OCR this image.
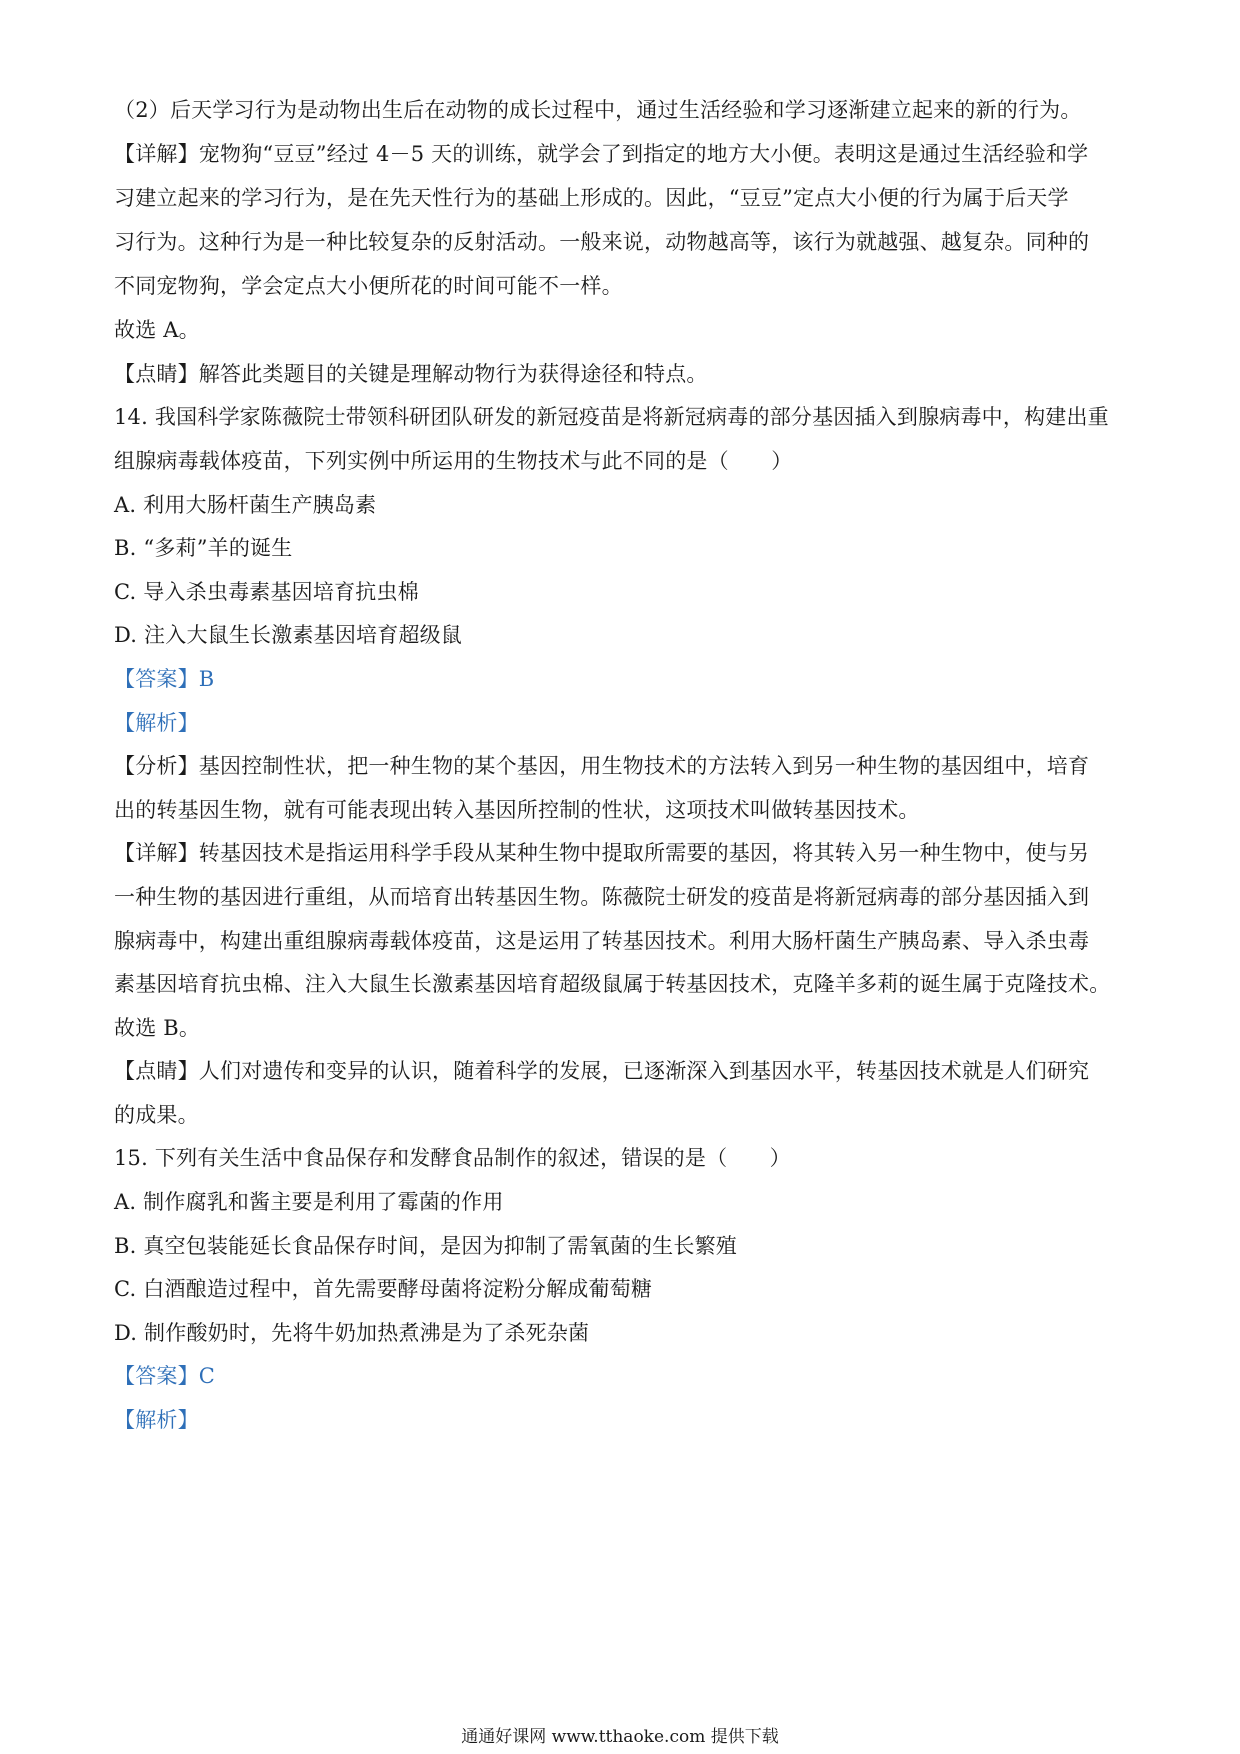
（2）后天学习行为是动物出生后在动物的成长过程中，通过生活经验和学习逐渐建立起来的新的行为。
【详解】宠物狗“豆豆”经过 4－5 天的训练，就学会了到指定的地方大小便。表明这是通过生活经验和学
习建立起来的学习行为，是在先天性行为的基础上形成的。因此，“豆豆”定点大小便的行为属于后天学
习行为。这种行为是一种比较复杂的反射活动。一般来说，动物越高等，该行为就越强、越复杂。同种的
不同宠物狗，学会定点大小便所花的时间可能不一样。
故选 A。
【点睛】解答此类题目的关键是理解动物行为获得途径和特点。
14. 我国科学家陈薇院士带领科研团队研发的新冠疫苗是将新冠病毒的部分基因插入到腺病毒中，构建出重
组腺病毒载体疫苗，下列实例中所运用的生物技术与此不同的是（　　）
A. 利用大肠杆菌生产胰岛素
B. “多莉”羊的诞生
C. 导入杀虫毒素基因培育抗虫棉
D. 注入大鼠生长激素基因培育超级鼠
【答案】B
【解析】
【分析】基因控制性状，把一种生物的某个基因，用生物技术的方法转入到另一种生物的基因组中，培育
出的转基因生物，就有可能表现出转入基因所控制的性状，这项技术叫做转基因技术。
【详解】转基因技术是指运用科学手段从某种生物中提取所需要的基因，将其转入另一种生物中，使与另
一种生物的基因进行重组，从而培育出转基因生物。陈薇院士研发的疫苗是将新冠病毒的部分基因插入到
腺病毒中，构建出重组腺病毒载体疫苗，这是运用了转基因技术。利用大肠杆菌生产胰岛素、导入杀虫毒
素基因培育抗虫棉、注入大鼠生长激素基因培育超级鼠属于转基因技术，克隆羊多莉的诞生属于克隆技术。
故选 B。
【点睛】人们对遗传和变异的认识，随着科学的发展，已逐渐深入到基因水平，转基因技术就是人们研究
的成果。
15. 下列有关生活中食品保存和发酵食品制作的叙述，错误的是（　　）
A. 制作腐乳和酱主要是利用了霉菌的作用
B. 真空包装能延长食品保存时间，是因为抑制了需氧菌的生长繁殖
C. 白酒酿造过程中，首先需要酵母菌将淀粉分解成葡萄糖
D. 制作酸奶时，先将牛奶加热煮沸是为了杀死杂菌
【答案】C
【解析】
通通好课网 www.tthaoke.com 提供下载
